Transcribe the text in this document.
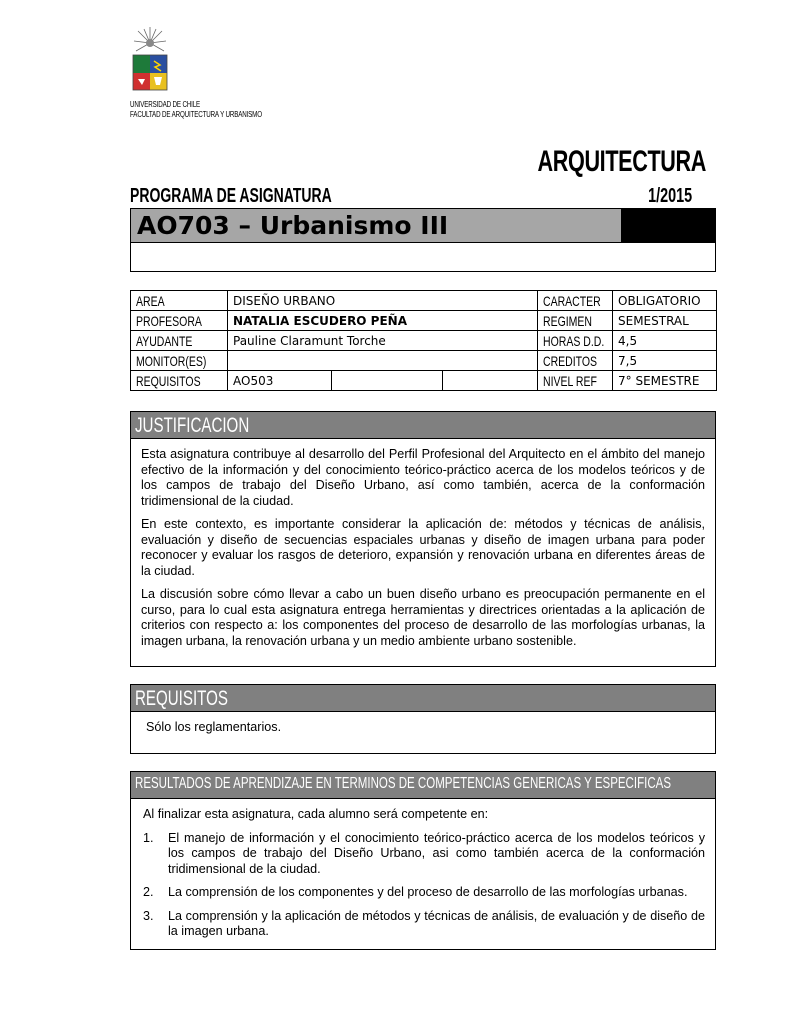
UNIVERSIDAD DE CHILE
FACULTAD DE ARQUITECTURA Y URBANISMO
ARQUITECTURA
PROGRAMA DE ASIGNATURA	1/2015
AO703 – Urbanismo III
AREA	DISEÑO URBANO			CARACTER	OBLIGATORIO
PROFESORA	NATALIA ESCUDERO PEÑA			REGIMEN	SEMESTRAL
AYUDANTE	Pauline Claramunt Torche			HORAS D.D.	4,5
MONITOR(ES)				CREDITOS	7,5
REQUISITOS	AO503			NIVEL REF	7° SEMESTRE
JUSTIFICACION

Esta asignatura contribuye al desarrollo del Perfil Profesional del Arquitecto en el ámbito del manejo efectivo de la información y del conocimiento teórico-práctico acerca de los modelos teóricos y de los campos de trabajo del Diseño Urbano, así como también, acerca de la conformación tridimensional de la ciudad.

En este contexto, es importante considerar la aplicación de: métodos y técnicas de análisis, evaluación y diseño de secuencias espaciales urbanas y diseño de imagen urbana para poder reconocer y evaluar los rasgos de deterioro, expansión y renovación urbana en diferentes áreas de la ciudad.

La discusión sobre cómo llevar a cabo un buen diseño urbano es preocupación permanente en el curso, para lo cual esta asignatura entrega herramientas y directrices orientadas a la aplicación de criterios con respecto a: los componentes del proceso de desarrollo de las morfologías urbanas, la imagen urbana, la renovación urbana y un medio ambiente urbano sostenible.

REQUISITOS

Sólo los reglamentarios.

RESULTADOS DE APRENDIZAJE EN TERMINOS DE COMPETENCIAS GENERICAS Y ESPECIFICAS

Al finalizar esta asignatura, cada alumno será competente en:

1.	El manejo de información y el conocimiento teórico-práctico acerca de los modelos teóricos y los campos de trabajo del Diseño Urbano, asi como también acerca de la conformación tridimensional de la ciudad.
2.	La comprensión de los componentes y del proceso de desarrollo de las morfologías urbanas.
3.	La comprensión y la aplicación de métodos y técnicas de análisis, de evaluación y de diseño de la imagen urbana.
